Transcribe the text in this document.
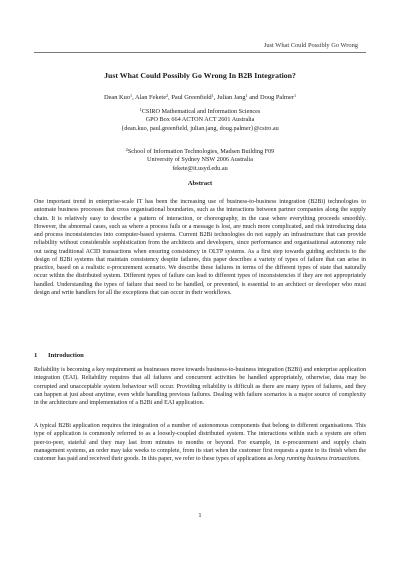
Just What Could Possibly Go Wrong
Just What Could Possibly Go Wrong In B2B Integration?
Dean Kuo$^1$, Alan Fekete$^2$, Paul Greenfield$^1$, Julian Jang$^1$ and Doug Palmer$^1$
$^1$CSIRO Mathematical and Information Sciences
GPO Box 664 ACTON ACT 2601 Australia
{dean.kuo, paul.greenfield, julian.jang, doug.palmer}@csiro.au
$^2$School of Information Technologies, Madsen Building F09
University of Sydney NSW 2006 Australia
fekete@it.usyd.edu.au
Abstract

One important trend in enterprise-scale IT has been the increasing use of business-to-business integration (B2Bi) technologies to automate business processes that cross organisational boundaries, such as the interactions between partner companies along the supply chain. It is relatively easy to describe a pattern of interaction, or choreography, in the case where everything proceeds smoothly. However, the abnormal cases, such as where a process fails or a message is lost, are much more complicated, and risk introducing data and process inconsistencies into computer-based systems. Current B2Bi technologies do not supply an infrastructure that can provide reliability without considerable sophistication from the architects and developers, since performance and organisational autonomy rule out using traditional ACID transactions when ensuring consistency in OLTP systems. As a first step towards guiding architects to the design of B2Bi systems that maintain consistency despite failures, this paper describes a variety of types of failure that can arise in practice, based on a realistic e-procurement scenario. We describe these failures in terms of the different types of state that naturally occur within the distributed system. Different types of failure can lead to different types of inconsistencies if they are not appropriately handled. Understanding the types of failure that need to be handled, or prevented, is essential to an architect or developer who must design and write handlers for all the exceptions that can occur in their workflows.

1 Introduction

Reliability is becoming a key requirement as businesses move towards business-to-business integration (B2Bi) and enterprise application integration (EAI). Reliability requires that all failures and concurrent activities be handled appropriately, otherwise, data may be corrupted and unacceptable system behaviour will occur. Providing reliability is difficult as there are many types of failures, and they can happen at just about anytime, even while handling previous failures. Dealing with failure scenarios is a major source of complexity in the architecture and implementation of a B2Bi and EAI application.

A typical B2Bi application requires the integration of a number of autonomous components that belong to different organisations. This type of application is commonly referred to as a loosely-coupled distributed system. The interactions within such a system are often peer-to-peer, stateful and they may last from minutes to months or beyond. For example, in e-procurement and supply chain management systems, an order may take weeks to complete, from its start when the customer first requests a quote to its finish when the customer has paid and received their goods. In this paper, we refer to these types of applications as long running business transactions.

1
